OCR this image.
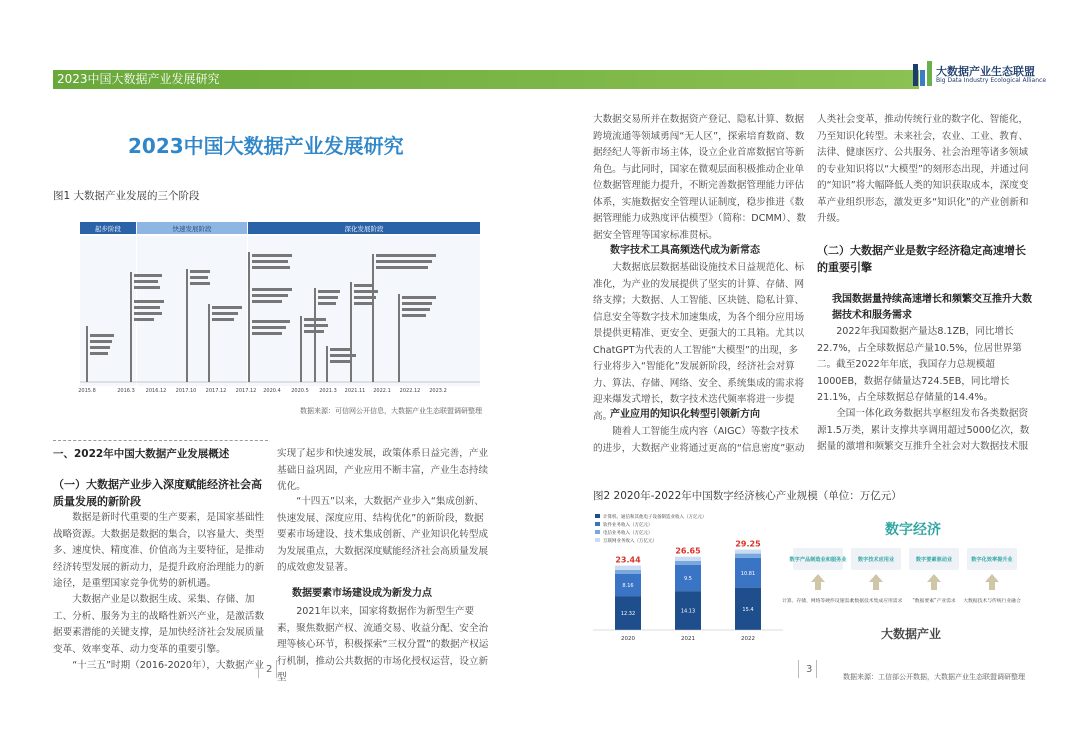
2023中国大数据产业发展研究
大数据产业生态联盟
Big Data Industry Ecological Alliance
2023中国大数据产业发展研究
图1 大数据产业发展的三个阶段
起步阶段	快速发展阶段	深化发展阶段
2015.8	2016.3 2016.12 2017.10 2017.12 2017.12 2020.4 2020.5 2021.3 2021.11 2022.1 2022.12 2023.2
数据来源：可信网公开信息，大数据产业生态联盟调研整理
一、2022年中国大数据产业发展概述
（一）大数据产业步入深度赋能经济社会高质量发展的新阶段
数据是新时代重要的生产要素，是国家基础性战略资源。大数据是数据的集合，以容量大、类型多、速度快、精度准、价值高为主要特征，是推动经济转型发展的新动力，是提升政府治理能力的新途径，是重塑国家竞争优势的新机遇。
大数据产业是以数据生成、采集、存储、加工、分析、服务为主的战略性新兴产业，是激活数据要素潜能的关键支撑，是加快经济社会发展质量变革、效率变革、动力变革的重要引擎。
“十三五”时期（2016-2020年），大数据产业
实现了起步和快速发展，政策体系日益完善，产业基础日益巩固，产业应用不断丰富，产业生态持续优化。
“十四五”以来，大数据产业步入“集成创新、快速发展、深度应用、结构优化”的新阶段，数据要素市场建设、技术集成创新、产业知识化转型成为发展重点，大数据深度赋能经济社会高质量发展的成效愈发显著。
数据要素市场建设成为新发力点
2021年以来，国家将数据作为新型生产要素，聚焦数据产权、流通交易、收益分配、安全治理等核心环节，积极探索“三权分置”的数据产权运行机制，推动公共数据的市场化授权运营，设立新型
大数据交易所并在数据资产登记、隐私计算、数据跨境流通等领域勇闯“无人区”，探索培育数商、数据经纪人等新市场主体，设立企业首席数据官等新角色。与此同时，国家在微观层面积极推动企业单位数据管理能力提升，不断完善数据管理能力评估体系，实施数据安全管理认证制度，稳步推进《数据管理能力成熟度评估模型》（简称：DCMM）、数据安全管理等国家标准贯标。
数字技术工具高频迭代成为新常态
大数据底层数据基础设施技术日益规范化、标准化，为产业的发展提供了坚实的计算、存储、网络支撑；大数据、人工智能、区块链、隐私计算、信息安全等数字技术加速集成，为各个细分应用场景提供更精准、更安全、更强大的工具箱。尤其以ChatGPT为代表的人工智能“大模型”的出现，多行业将步入“智能化”发展新阶段，经济社会对算力、算法、存储、网络、安全、系统集成的需求将迎来爆发式增长，数字技术迭代频率将进一步提高。
产业应用的知识化转型引领新方向
随着人工智能生成内容（AIGC）等数字技术的进步，大数据产业将通过更高的“信息密度”驱动
人类社会变革，推动传统行业的数字化、智能化，乃至知识化转型。未来社会，农业、工业、教育、法律、健康医疗、公共服务、社会治理等诸多领域的专业知识将以“大模型”的刻形态出现，并通过问的“知识”将大幅降低人类的知识获取成本，深度变革产业组织形态，激发更多“知识化”的产业创新和升级。
（二）大数据产业是数字经济稳定高速增长的重要引擎
我国数据量持续高速增长和频繁交互推升大数据技术和服务需求
2022年我国数据产量达8.1ZB，同比增长22.7%，占全球数据总产量10.5%，位居世界第二。截至2022年年底，我国存力总规模超1000EB，数据存储量达724.5EB，同比增长21.1%，占全球数据总存储量的14.4%。
全国一体化政务数据共享枢纽发布各类数据资源1.5万类，累计支撑共享调用超过5000亿次，数据量的激增和频繁交互推升全社会对大数据技术服
图2 2020年-2022年中国数字经济核心产业规模（单位：万亿元）
计算机、通信和其他电子设备制造业收入（万亿元）
软件业务收入（万亿元）
电信业务收入（万亿元）
互联网业务收入（万亿元）
12.32
8.16
23.44
2020
14.13
9.5
26.65
2021
15.4
10.81
29.25
2022
数字经济
数字产品制造业和服务业 数字技术应用业	数字要素驱动业	数字化效率提升业
计算、存储、网络等硬件设施需求
大数据技术集成应用需求 “数据要素”产业需求 大数据技术与传统行业融合
大数据产业
数据来源：工信部公开数据，大数据产业生态联盟调研整理
2	3
